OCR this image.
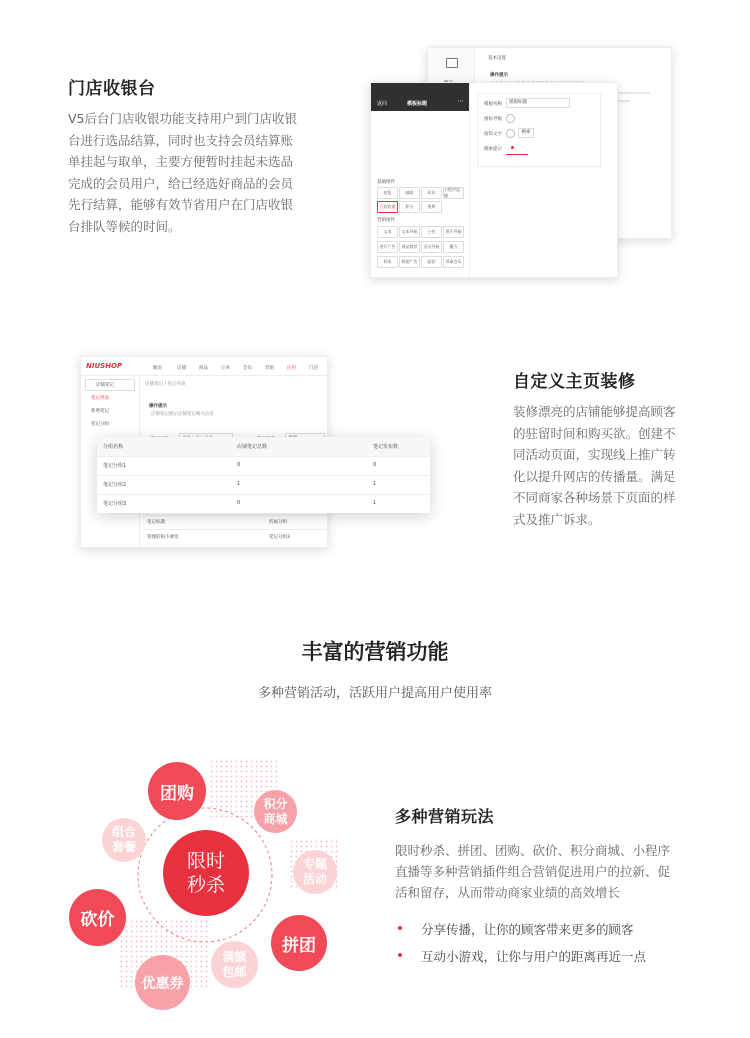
门店收银台
V5后台门店收银功能支持用户到门店收银台进行选品结算，同时也支持会员结算账单挂起与取单，主要方便暂时挂起未选品完成的会员用户，给已经选好商品的会员先行结算，能够有效节省用户在门店收银台排队等候的时间。
基本设置
操作提示
返回	模板标题	⋯
基础组件
按钮	辅助	标识
小程序直播
门店收银	积分	图库
营销组件
文本	文本导航	公告	图片导航
图片广告	商品推荐	活动导航	魔方
秒杀	拼团广告	砍价	领取会员
模板名称	模板标题
图标导航
按钮文字	搜索
搜索提示
NIUSHOP	概况	店铺	商品	订单	会员	营销	应用	门店
店铺笔记
笔记列表
新增笔记
笔记分组
店铺笔记 / 笔记列表
操作提示
店铺笔记展示店铺笔记相关信息
笔记标题	所属分组
管理的狗小课堂	笔记分组3
分组名称	店铺笔记总数	笔记发布数
笔记分组1	0	0
笔记分组2	1	1
笔记分组3	0	1
自定义主页装修
装修漂亮的店铺能够提高顾客的驻留时间和购买欲。创建不同活动页面，实现线上推广转化以提升网店的传播量。满足不同商家各种场景下页面的样式及推广诉求。
丰富的营销功能
多种营销活动，活跃用户提高用户使用率
团购	积分
商城
组合
套餐
限时
秒杀
专题
活动
砍价
拼团
满额
包邮
优惠券
多种营销玩法
限时秒杀、拼团、团购、砍价、积分商城、小程序直播等多种营销插件组合营销促进用户的拉新、促活和留存，从而带动商家业绩的高效增长
分享传播，让你的顾客带来更多的顾客
互动小游戏，让你与用户的距离再近一点
